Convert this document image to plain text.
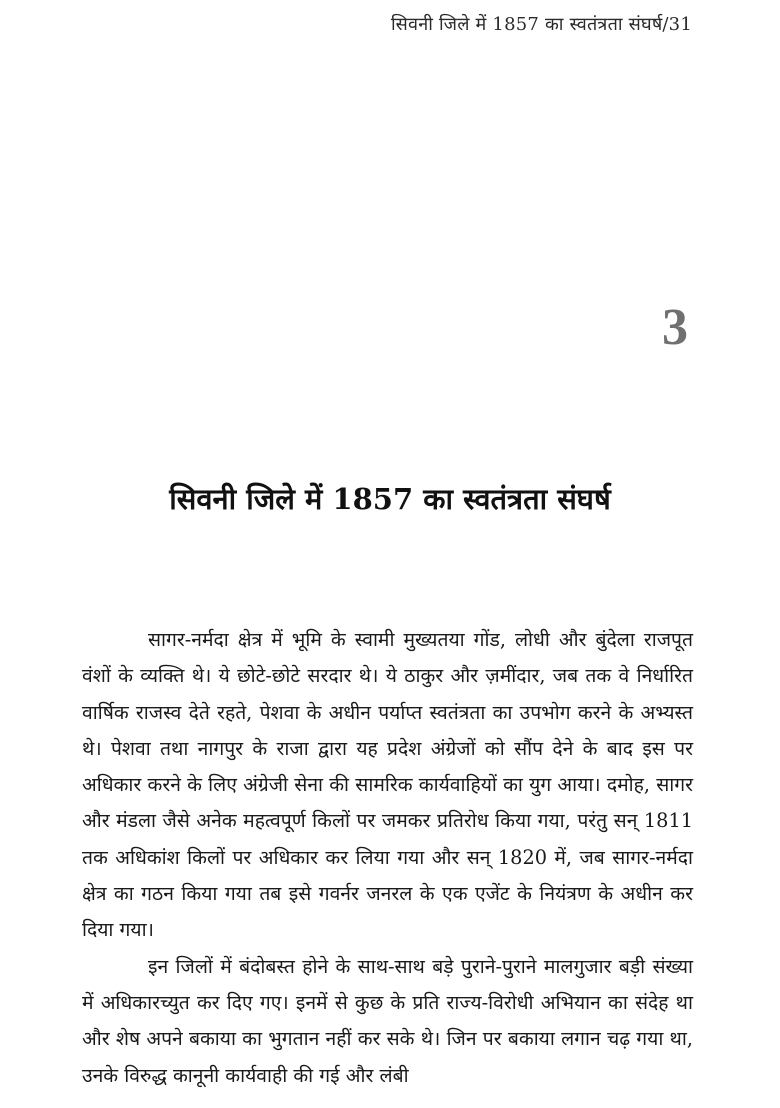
सिवनी जिले में 1857 का स्वतंत्रता संघर्ष/31
3
सिवनी जिले में 1857 का स्वतंत्रता संघर्ष

सागर-नर्मदा क्षेत्र में भूमि के स्वामी मुख्यतया गोंड, लोधी और बुंदेला राजपूत वंशों के व्यक्ति थे। ये छोटे-छोटे सरदार थे। ये ठाकुर और ज़मींदार, जब तक वे निर्धारित वार्षिक राजस्व देते रहते, पेशवा के अधीन पर्याप्त स्वतंत्रता का उपभोग करने के अभ्यस्त थे। पेशवा तथा नागपुर के राजा द्वारा यह प्रदेश अंग्रेजों को सौंप देने के बाद इस पर अधिकार करने के लिए अंग्रेजी सेना की सामरिक कार्यवाहियों का युग आया। दमोह, सागर और मंडला जैसे अनेक महत्वपूर्ण किलों पर जमकर प्रतिरोध किया गया, परंतु सन् 1811 तक अधिकांश किलों पर अधिकार कर लिया गया और सन् 1820 में, जब सागर-नर्मदा क्षेत्र का गठन किया गया तब इसे गवर्नर जनरल के एक एजेंट के नियंत्रण के अधीन कर दिया गया।

इन जिलों में बंदोबस्त होने के साथ-साथ बड़े पुराने-पुराने मालगुजार बड़ी संख्या में अधिकारच्युत कर दिए गए। इनमें से कुछ के प्रति राज्य-विरोधी अभियान का संदेह था और शेष अपने बकाया का भुगतान नहीं कर सके थे। जिन पर बकाया लगान चढ़ गया था, उनके विरुद्ध कानूनी कार्यवाही की गई और लंबी
